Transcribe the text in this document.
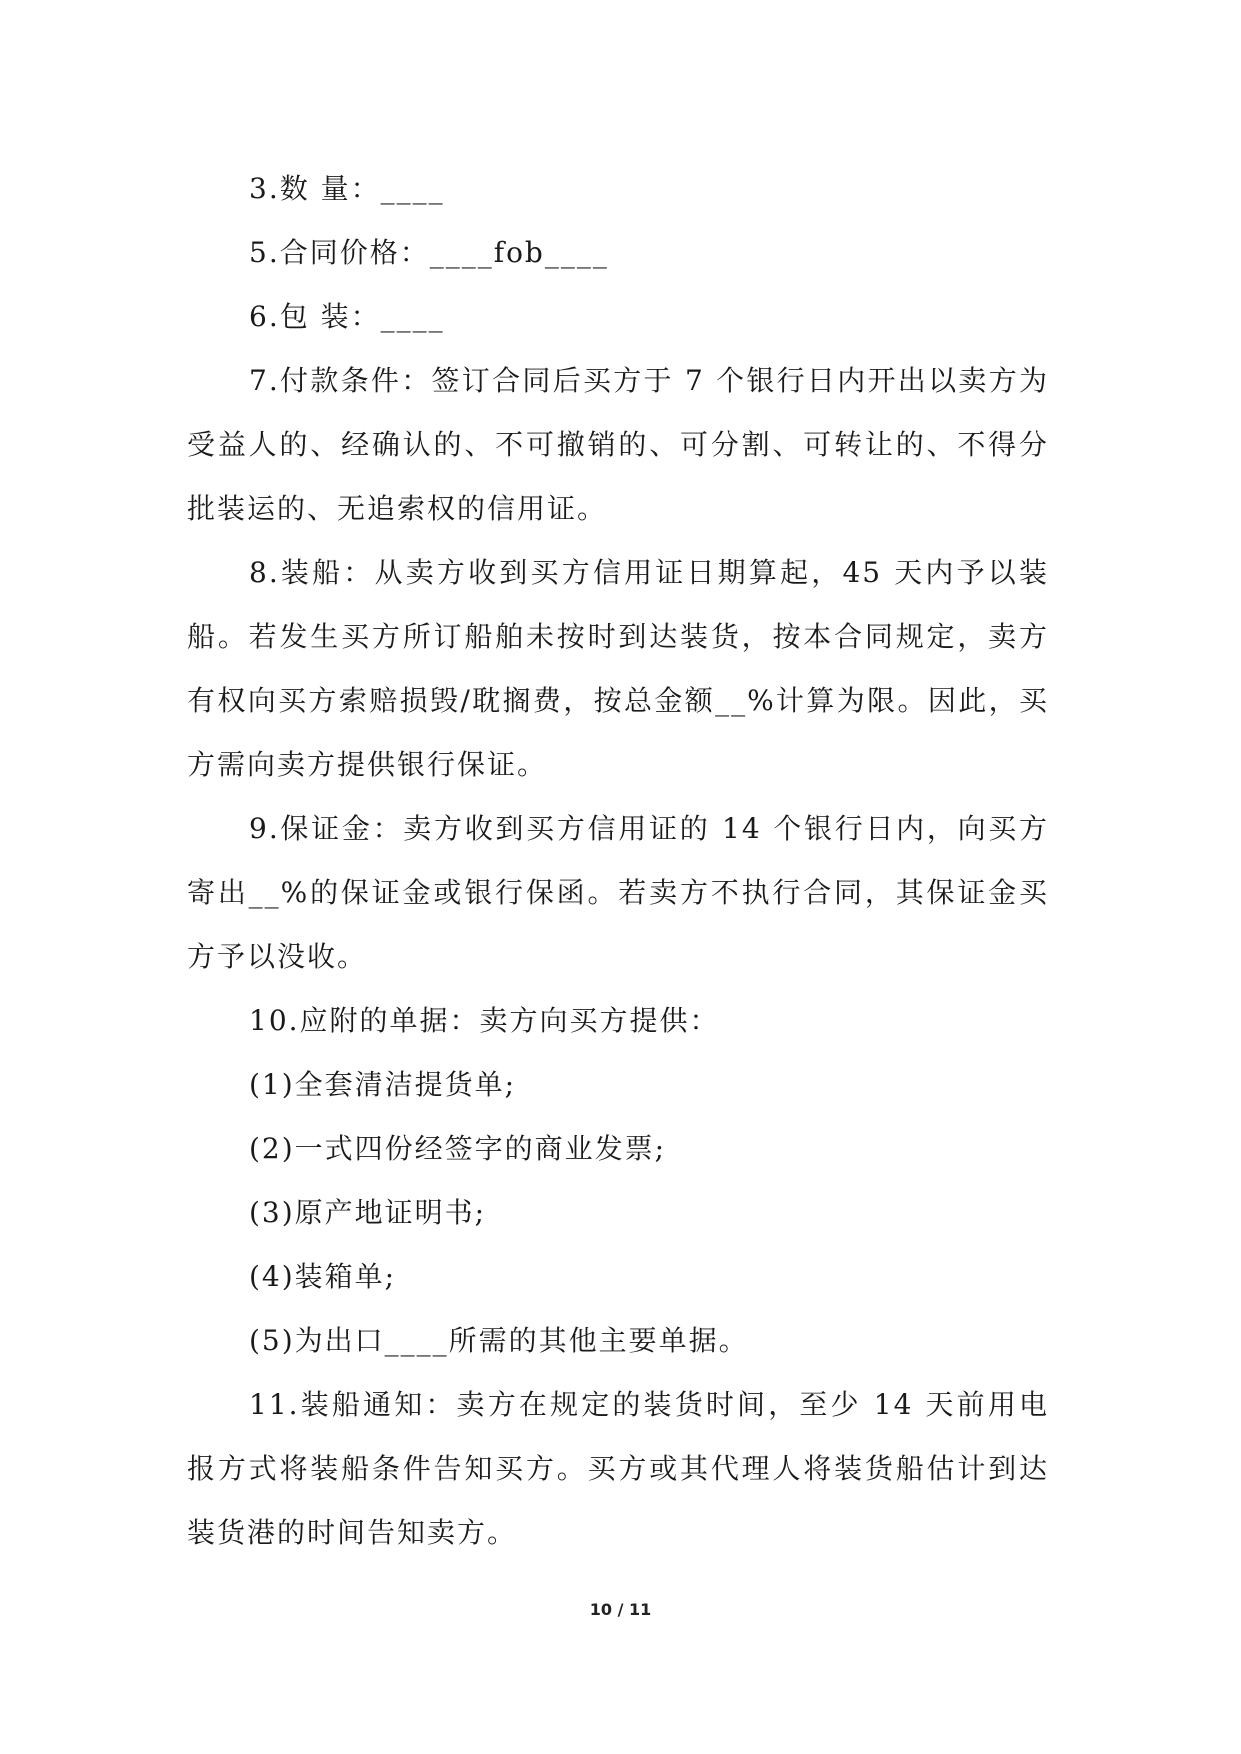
3.数 量：____

5.合同价格：____fob____

6.包 装：____

7.付款条件：签订合同后买方于 7 个银行日内开出以卖方为受益人的、经确认的、不可撤销的、可分割、可转让的、不得分批装运的、无追索权的信用证。

8.装船：从卖方收到买方信用证日期算起，45 天内予以装船。若发生买方所订船舶未按时到达装货，按本合同规定，卖方有权向买方索赔损毁/耽搁费，按总金额__%计算为限。因此，买方需向卖方提供银行保证。

9.保证金：卖方收到买方信用证的 14 个银行日内，向买方寄出__%的保证金或银行保函。若卖方不执行合同，其保证金买方予以没收。

10.应附的单据：卖方向买方提供：

(1)全套清洁提货单;

(2)一式四份经签字的商业发票;

(3)原产地证明书;

(4)装箱单;

(5)为出口____所需的其他主要单据。

11.装船通知：卖方在规定的装货时间，至少 14 天前用电报方式将装船条件告知买方。买方或其代理人将装货船估计到达装货港的时间告知卖方。

10 / 11
